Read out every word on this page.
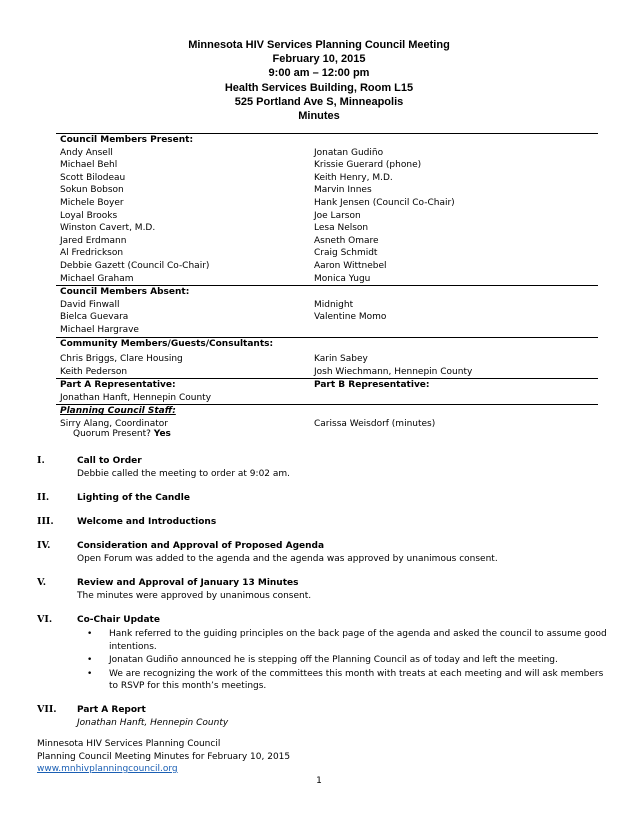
Minnesota HIV Services Planning Council Meeting
February 10, 2015
9:00 am – 12:00 pm
Health Services Building, Room L15
525 Portland Ave S, Minneapolis
Minutes
Council Members Present:	
Andy Ansell	Jonatan Gudiño
Michael Behl	Krissie Guerard (phone)
Scott Bilodeau	Keith Henry, M.D.
Sokun Bobson	Marvin Innes
Michele Boyer	Hank Jensen (Council Co-Chair)
Loyal Brooks	Joe Larson
Winston Cavert, M.D.	Lesa Nelson
Jared Erdmann	Asneth Omare
Al Fredrickson	Craig Schmidt
Debbie Gazett (Council Co-Chair)	Aaron Wittnebel
Michael Graham	Monica Yugu
Council Members Absent:	
David Finwall	Midnight
Bielca Guevara	Valentine Momo
Michael Hargrave	
Community Members/Guests/Consultants:	
Chris Briggs, Clare Housing	Karin Sabey
Keith Pederson	Josh Wiechmann, Hennepin County
Part A Representative:	Part B Representative:
Jonathan Hanft, Hennepin County	
Planning Council Staff:	
Sirry Alang, Coordinator	Carissa Weisdorf (minutes)
Quorum Present? Yes
I.	Call to Order
Debbie called the meeting to order at 9:02 am.
II.	Lighting of the Candle
III.	Welcome and Introductions
IV.	Consideration and Approval of Proposed Agenda
Open Forum was added to the agenda and the agenda was approved by unanimous consent.
V.	Review and Approval of January 13 Minutes
The minutes were approved by unanimous consent.
VI.	Co-Chair Update
• Hank referred to the guiding principles on the back page of the agenda and asked the council to assume good intentions.
• Jonatan Gudiño announced he is stepping off the Planning Council as of today and left the meeting.
• We are recognizing the work of the committees this month with treats at each meeting and will ask members to RSVP for this month’s meetings.
VII. Part A Report
Jonathan Hanft, Hennepin County
Minnesota HIV Services Planning Council
Planning Council Meeting Minutes for February 10, 2015
www.mnhivplanningcouncil.org
1
